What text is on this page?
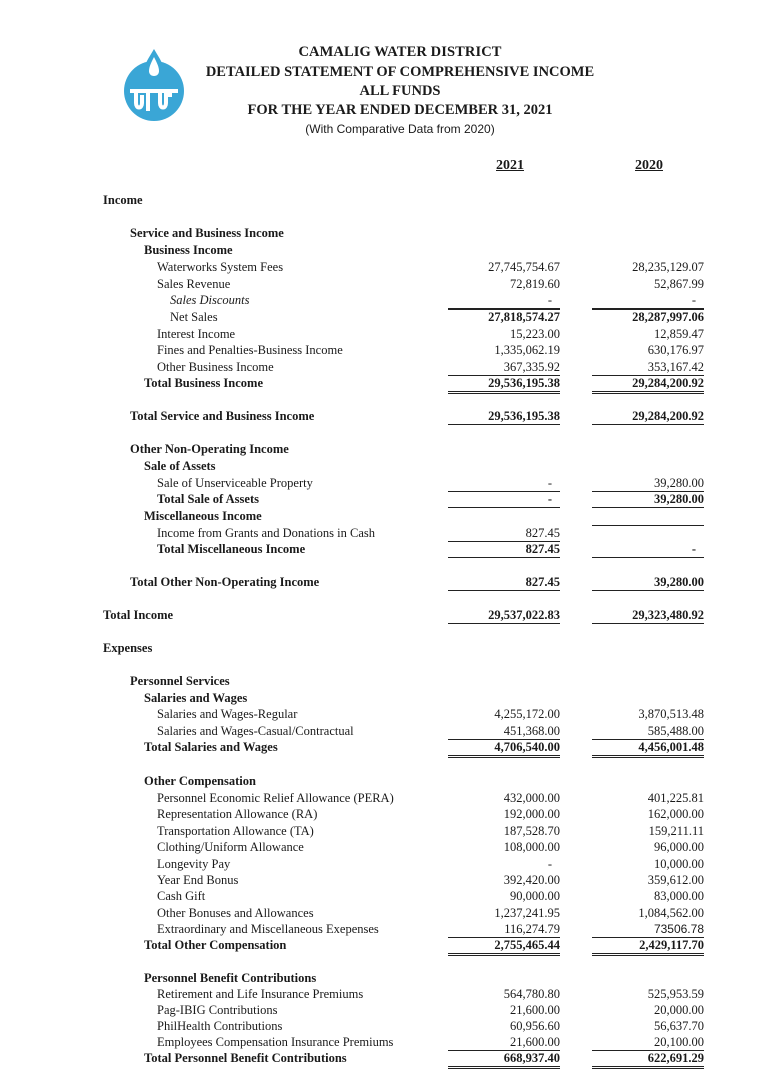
CAMALIG WATER DISTRICT
DETAILED STATEMENT OF COMPREHENSIVE INCOME
ALL FUNDS
FOR THE YEAR ENDED DECEMBER 31, 2021
(With Comparative Data from 2020)
2021	2020
Income
Service and Business Income
Business Income
Waterworks System Fees	27,745,754.67	28,235,129.07
Sales Revenue	72,819.60	52,867.99
Sales Discounts	-	-
Net Sales	27,818,574.27	28,287,997.06
Interest Income	15,223.00	12,859.47
Fines and Penalties-Business Income	1,335,062.19	630,176.97
Other Business Income	367,335.92	353,167.42
Total Business Income	29,536,195.38	29,284,200.92
Total Service and Business Income	29,536,195.38	29,284,200.92
Other Non-Operating Income
Sale of Assets
Sale of Unserviceable Property	-	39,280.00
Total Sale of Assets	-	39,280.00
Miscellaneous Income
Income from Grants and Donations in Cash	827.45
Total Miscellaneous Income	827.45	-
Total Other Non-Operating Income	827.45	39,280.00
Total Income	29,537,022.83	29,323,480.92
Expenses
Personnel Services
Salaries and Wages
Salaries and Wages-Regular	4,255,172.00	3,870,513.48
Salaries and Wages-Casual/Contractual	451,368.00	585,488.00
Total Salaries and Wages	4,706,540.00	4,456,001.48
Other Compensation
Personnel Economic Relief Allowance (PERA)	432,000.00	401,225.81
Representation Allowance (RA)	192,000.00	162,000.00
Transportation Allowance (TA)	187,528.70	159,211.11
Clothing/Uniform Allowance	108,000.00	96,000.00
Longevity Pay	-	10,000.00
Year End Bonus	392,420.00	359,612.00
Cash Gift	90,000.00	83,000.00
Other Bonuses and Allowances	1,237,241.95	1,084,562.00
Extraordinary and Miscellaneous Exepenses	116,274.79	73506.78
Total Other Compensation	2,755,465.44	2,429,117.70
Personnel Benefit Contributions
Retirement and Life Insurance Premiums	564,780.80	525,953.59
Pag-IBIG Contributions	21,600.00	20,000.00
PhilHealth Contributions	60,956.60	56,637.70
Employees Compensation Insurance Premiums	21,600.00	20,100.00
Total Personnel Benefit Contributions	668,937.40	622,691.29
